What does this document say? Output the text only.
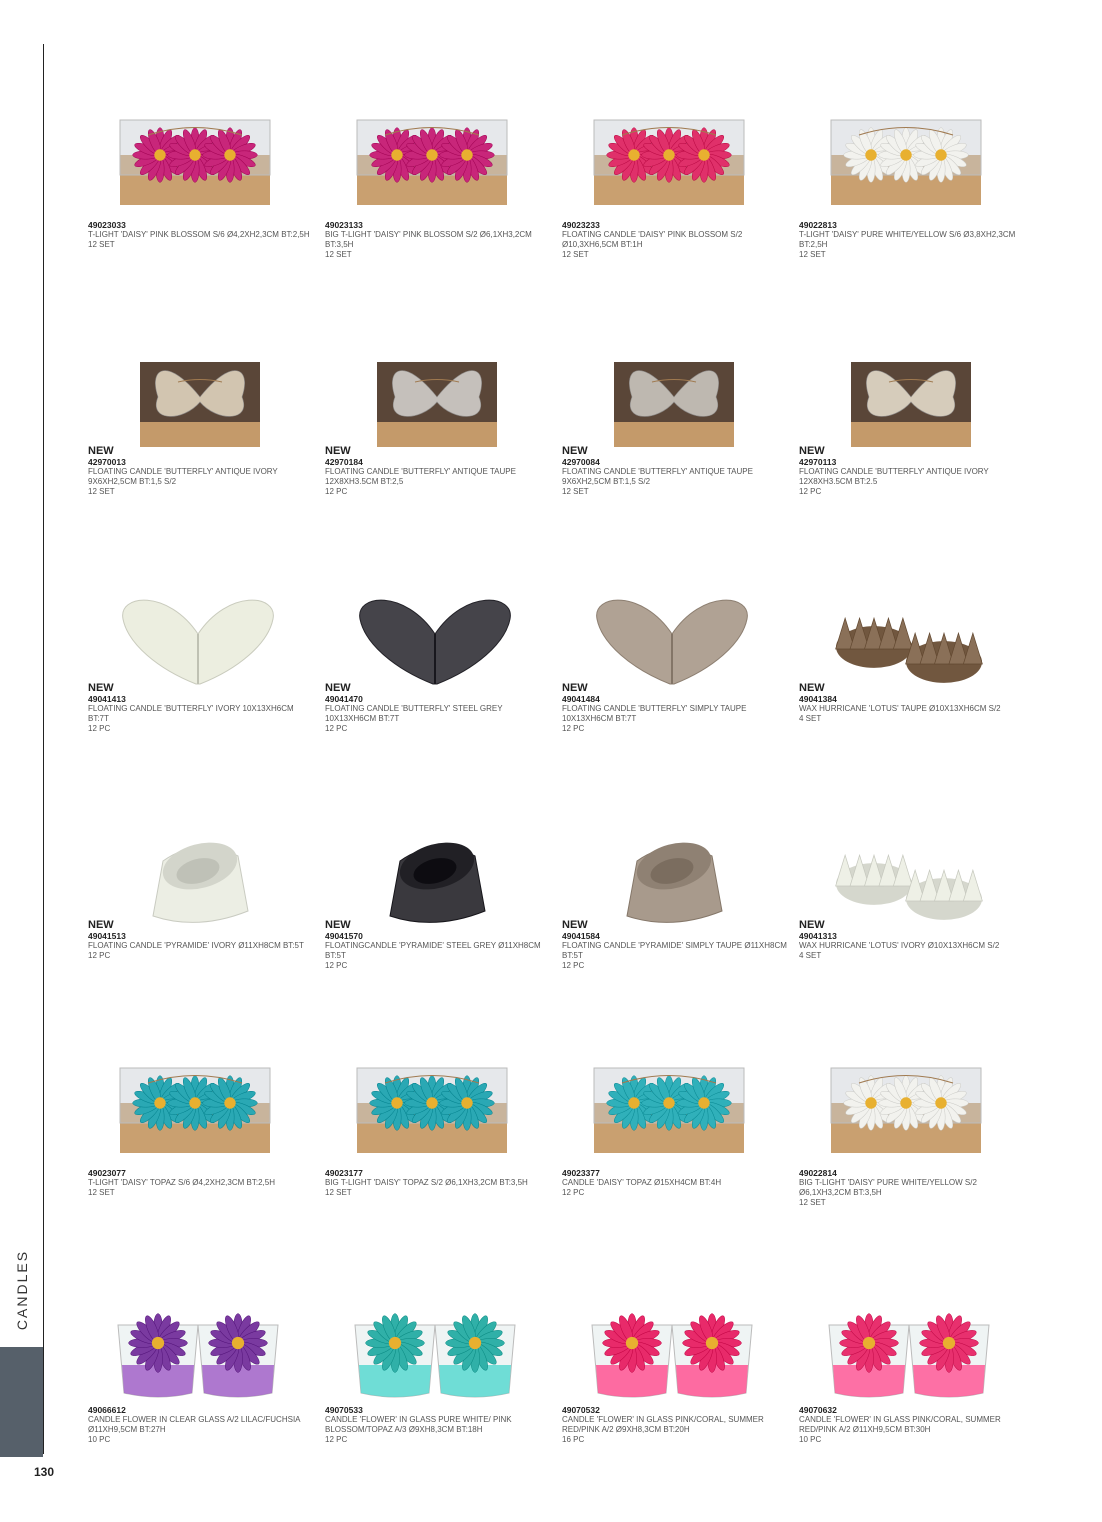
CANDLES
130
49023033
T-LIGHT 'DAISY' PINK BLOSSOM S/6 Ø4,2XH2,3CM BT:2,5H
12 SET
49023133
BIG T-LIGHT 'DAISY' PINK BLOSSOM S/2 Ø6,1XH3,2CM BT:3,5H
12 SET
49023233
FLOATING CANDLE 'DAISY' PINK BLOSSOM S/2 Ø10,3XH6,5CM BT:1H
12 SET
49022813
T-LIGHT 'DAISY' PURE WHITE/YELLOW S/6 Ø3,8XH2,3CM BT:2,5H
12 SET
NEW
42970013
FLOATING CANDLE 'BUTTERFLY' ANTIQUE IVORY 9X6XH2,5CM BT:1,5 S/2
12 SET
NEW
42970184
FLOATING CANDLE 'BUTTERFLY' ANTIQUE TAUPE 12X8XH3.5CM BT:2,5
12 PC
NEW
42970084
FLOATING CANDLE 'BUTTERFLY' ANTIQUE TAUPE 9X6XH2,5CM BT:1,5 S/2
12 SET
NEW
42970113
FLOATING CANDLE 'BUTTERFLY' ANTIQUE IVORY 12X8XH3.5CM BT:2.5
12 PC
NEW
49041413
FLOATING CANDLE 'BUTTERFLY' IVORY 10X13XH6CM BT:7T
12 PC
NEW
49041470
FLOATING CANDLE 'BUTTERFLY' STEEL GREY 10X13XH6CM BT:7T
12 PC
NEW
49041484
FLOATING CANDLE 'BUTTERFLY' SIMPLY TAUPE 10X13XH6CM BT:7T
12 PC
NEW
49041384
WAX HURRICANE 'LOTUS' TAUPE Ø10X13XH6CM S/2
4 SET
NEW
49041513
FLOATING CANDLE 'PYRAMIDE' IVORY Ø11XH8CM BT:5T
12 PC
NEW
49041570
FLOATINGCANDLE 'PYRAMIDE' STEEL GREY Ø11XH8CM BT:5T
12 PC
NEW
49041584
FLOATING CANDLE 'PYRAMIDE' SIMPLY TAUPE Ø11XH8CM BT:5T
12 PC
NEW
49041313
WAX HURRICANE 'LOTUS' IVORY Ø10X13XH6CM S/2
4 SET
49023077
T-LIGHT 'DAISY' TOPAZ S/6 Ø4,2XH2,3CM BT:2,5H
12 SET
49023177
BIG T-LIGHT 'DAISY' TOPAZ S/2 Ø6,1XH3,2CM BT:3,5H
12 SET
49023377
CANDLE 'DAISY' TOPAZ Ø15XH4CM BT:4H
12 PC
49022814
BIG T-LIGHT 'DAISY' PURE WHITE/YELLOW S/2 Ø6,1XH3,2CM BT:3,5H
12 SET
49066612
CANDLE FLOWER IN CLEAR GLASS A/2 LILAC/FUCHSIA Ø11XH9,5CM BT:27H
10 PC
49070533
CANDLE 'FLOWER' IN GLASS PURE WHITE/ PINK BLOSSOM/TOPAZ A/3 Ø9XH8,3CM BT:18H
12 PC
49070532
CANDLE 'FLOWER' IN GLASS PINK/CORAL, SUMMER RED/PINK A/2 Ø9XH8,3CM BT:20H
16 PC
49070632
CANDLE 'FLOWER' IN GLASS PINK/CORAL, SUMMER RED/PINK A/2 Ø11XH9,5CM BT:30H
10 PC
